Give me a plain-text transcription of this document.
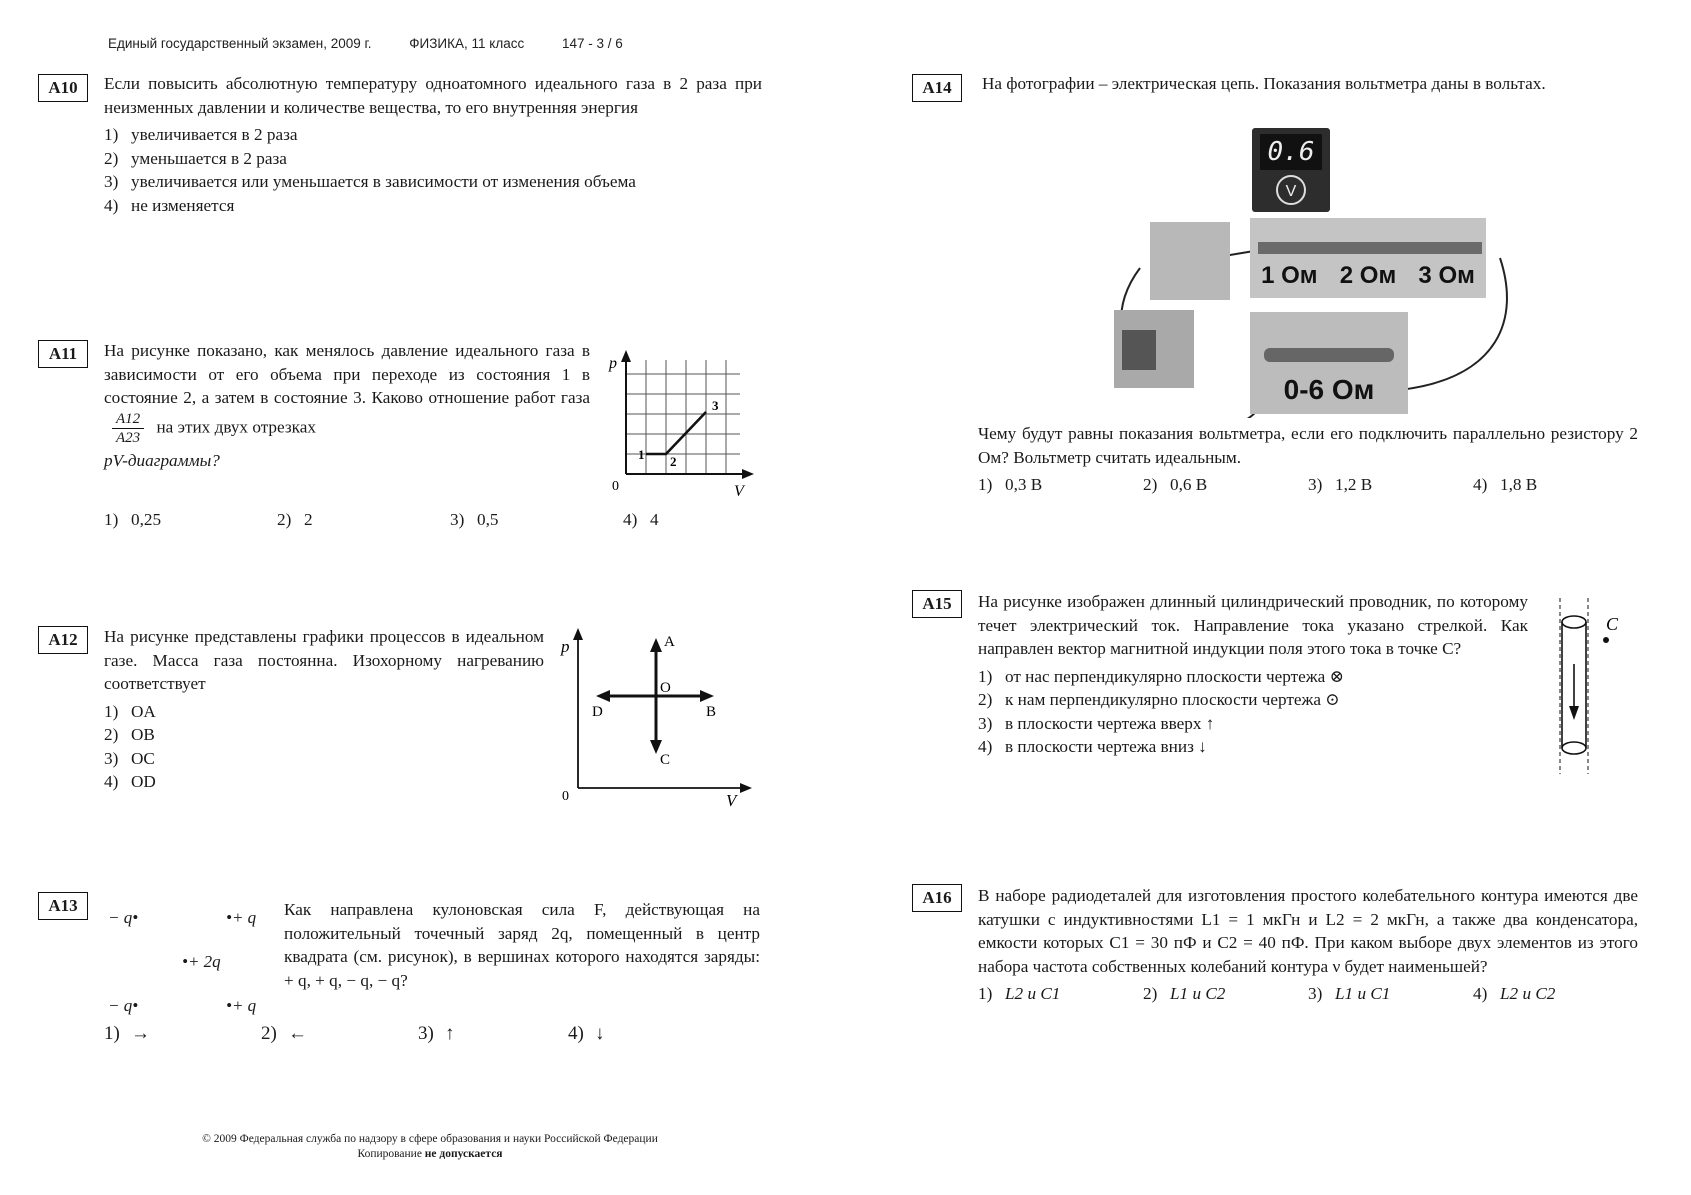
Единый государственный экзамен, 2009 г.	ФИЗИКА, 11 класс	147 - 3 / 6
A10	Если повысить абсолютную температуру одноатомного идеального газа в 2 раза при неизменных давлении и количестве вещества, то его внутренняя энергия

1) увеличивается в 2 раза

2) уменьшается в 2 раза

3) увеличивается или уменьшается в зависимости от изменения объема

4) не изменяется

A11	На рисунке показано, как менялось давление идеального газа в зависимости от его объема при переходе из состояния 1 в состояние 2, а затем в состояние 3. Каково отношение работ газа
$\frac{A12}{A23}$ на этих двух отрезках

pV-диаграммы?

1) 0,25	2) 2	3) 0,5	4) 4
p
V
0
1 2
3
A12	На рисунке представлены графики процессов в идеальном газе. Масса газа постоянна. Изохорному нагреванию соответствует

1) OA

2) OB

3) OC

4) OD

p
V
0
A
B
C
D
O
A13
− q•	•+ q
•+ 2q
− q•	•+ q

Как направлена кулоновская сила F, действующая на положительный точечный заряд 2q, помещенный в центр квадрата (см. рисунок), в вершинах которого находятся заряды: + q, + q, − q, − q?

1) →	2) ←	3) ↑	4) ↓
A14	На фотографии – электрическая цепь. Показания вольтметра даны в вольтах.

0.6
V
1 Ом 2 Ом 3 Ом
0-6 Ом

Чему будут равны показания вольтметра, если его подключить параллельно резистору 2 Ом? Вольтметр считать идеальным.

1) 0,3 В	2) 0,6 В	3) 1,2 В	4) 1,8 В
A15	На рисунке изображен длинный цилиндрический проводник, по которому течет электрический ток. Направление тока указано стрелкой. Как направлен вектор магнитной индукции поля этого тока в точке С?

1) от нас перпендикулярно плоскости чертежа ⊗

2) к нам перпендикулярно плоскости чертежа ⊙

3) в плоскости чертежа вверх ↑

4) в плоскости чертежа вниз ↓

C
A16	В наборе радиодеталей для изготовления простого колебательного контура имеются две катушки с индуктивностями L1 = 1 мкГн и L2 = 2 мкГн, а также два конденсатора, емкости которых C1 = 30 пФ и C2 = 40 пФ. При каком выборе двух элементов из этого набора частота собственных колебаний контура ν будет наименьшей?

1) L2 и C1	2) L1 и C2	3) L1 и C1	4) L2 и C2
© 2009 Федеральная служба по надзору в сфере образования и науки Российской Федерации
Копирование не допускается
